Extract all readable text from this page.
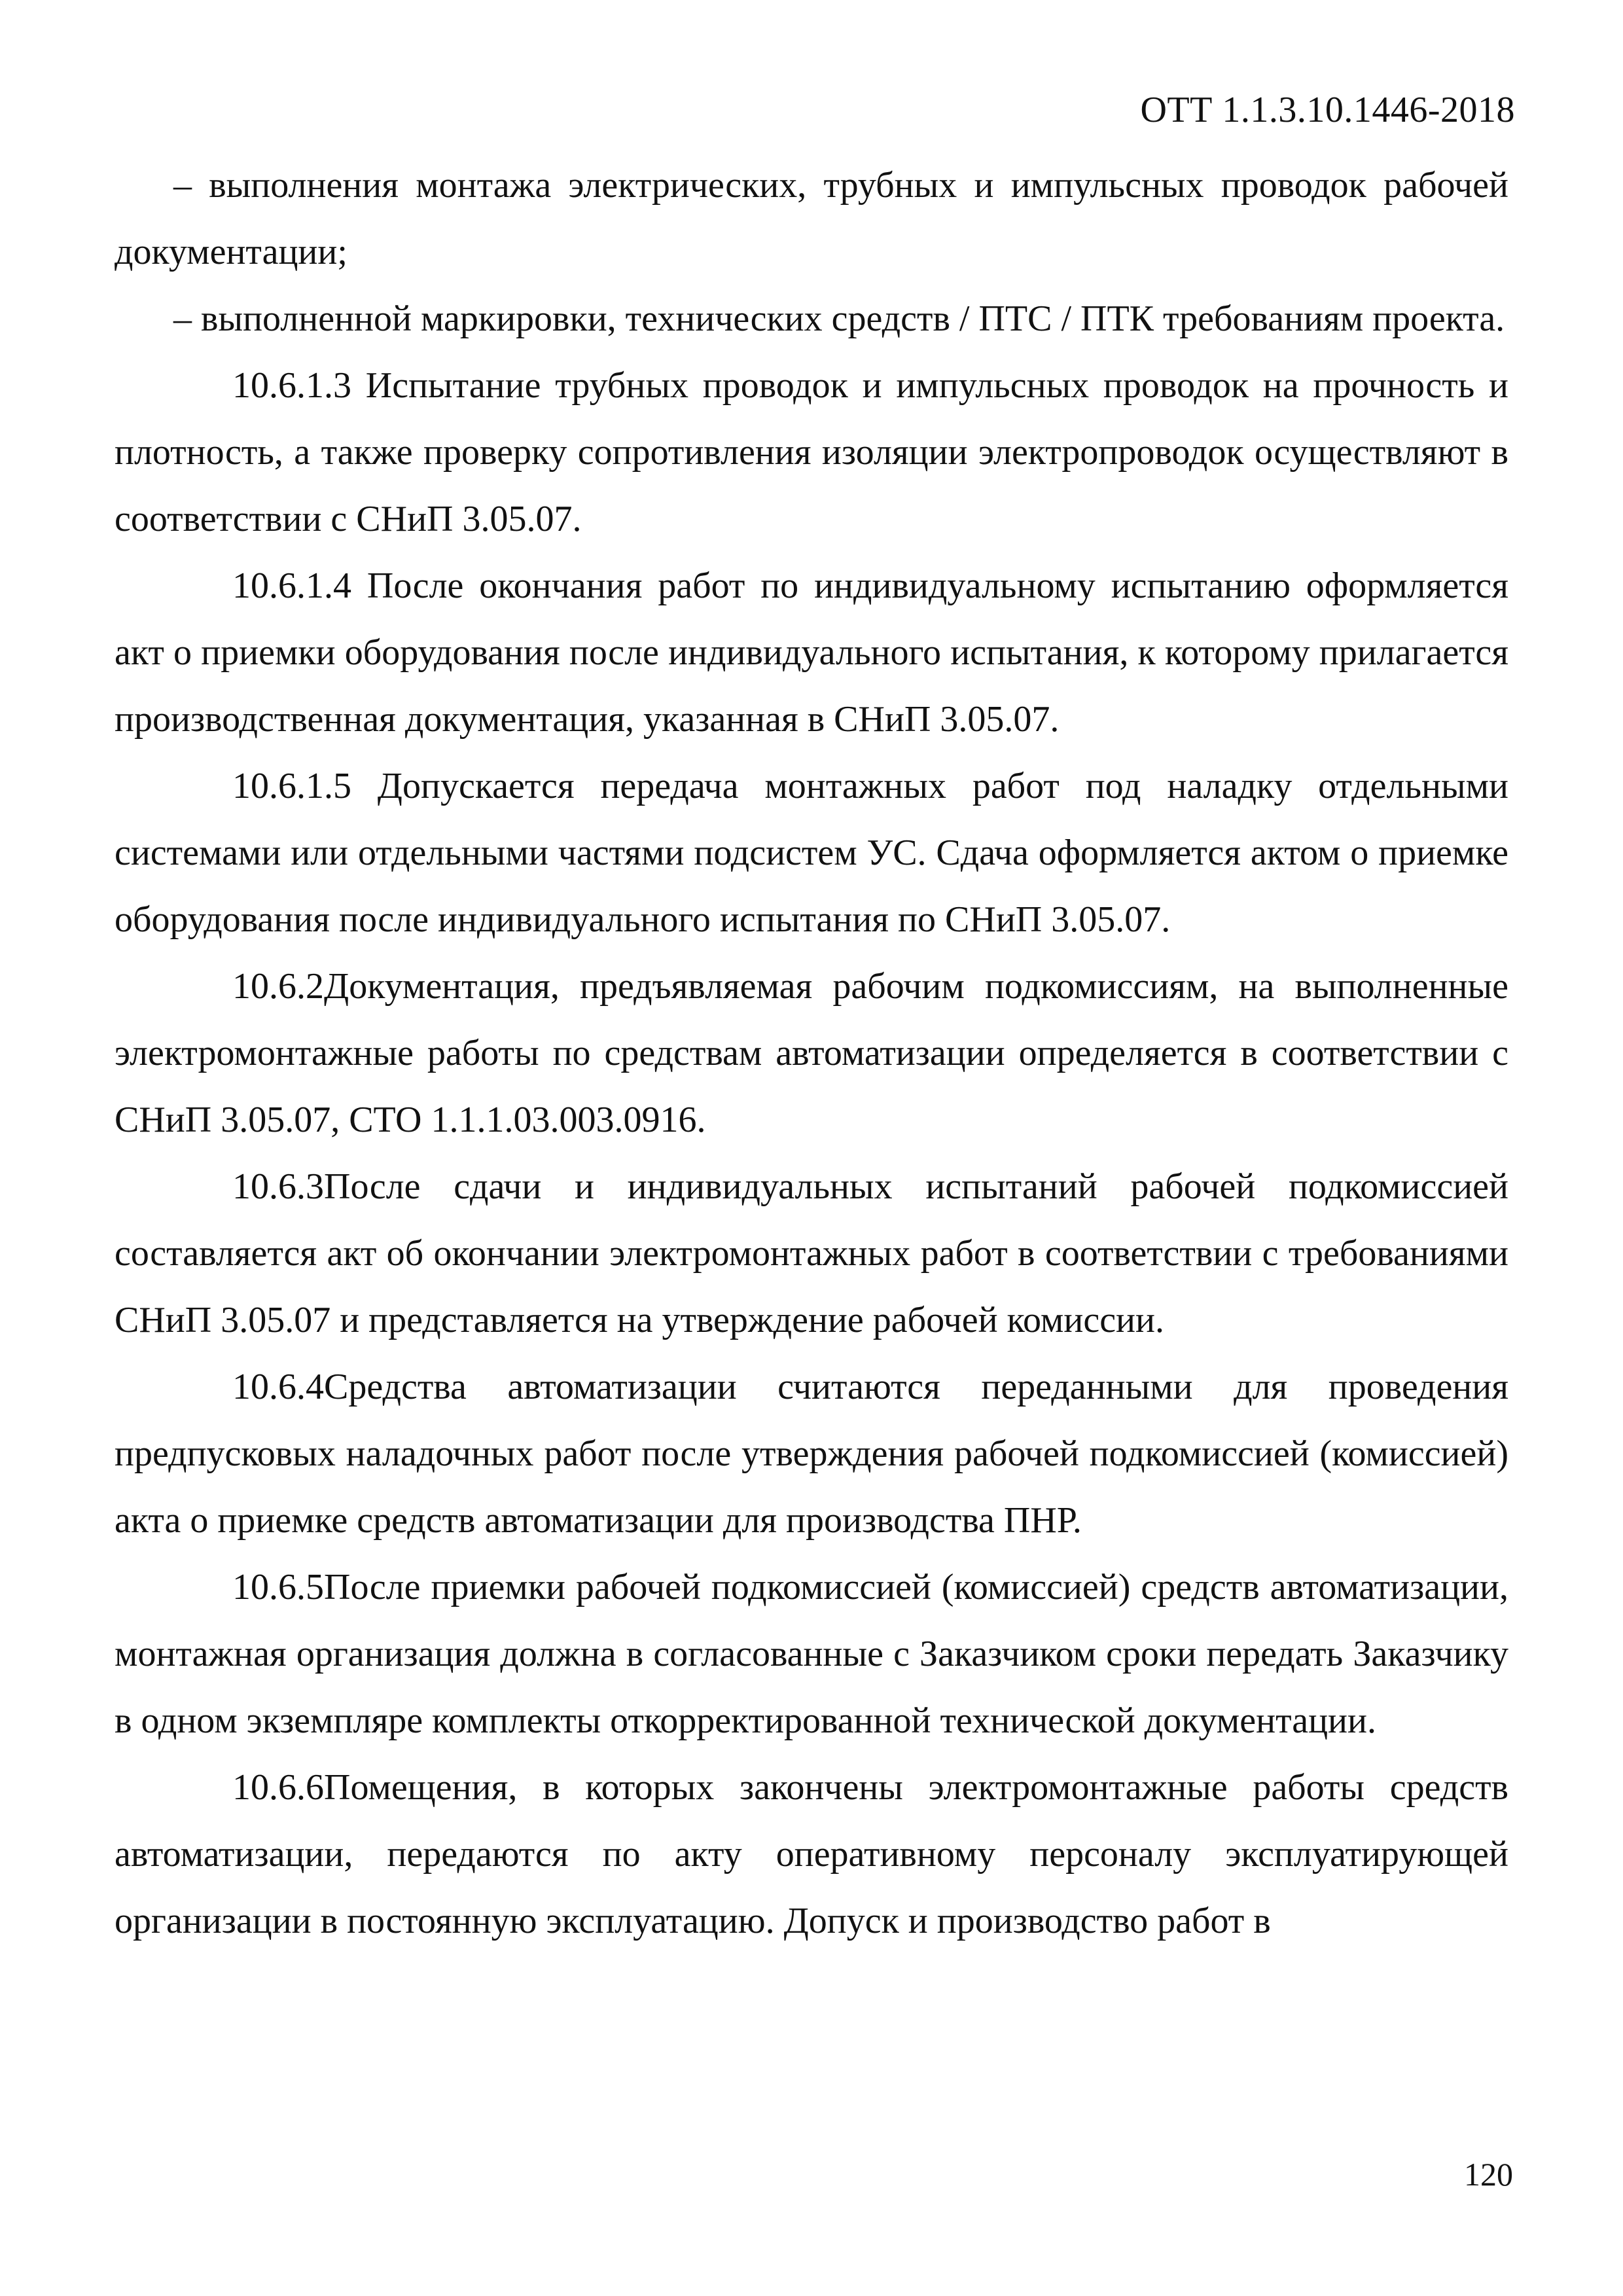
ОТТ 1.1.3.10.1446-2018

– выполнения монтажа электрических, трубных и импульсных проводок рабочей документации;

– выполненной маркировки, технических средств / ПТС / ПТК требованиям проекта.

10.6.1.3 Испытание трубных проводок и импульсных проводок на прочность и плотность, а также проверку сопротивления изоляции электропроводок осуществляют в соответствии с СНиП 3.05.07.

10.6.1.4 После окончания работ по индивидуальному испытанию оформляется акт о приемки оборудования после индивидуального испытания, к которому прилагается производственная документация, указанная в СНиП 3.05.07.

10.6.1.5 Допускается передача монтажных работ под наладку отдельными системами или отдельными частями подсистем УС. Сдача оформляется актом о приемке оборудования после индивидуального испытания по СНиП 3.05.07.

10.6.2Документация, предъявляемая рабочим подкомиссиям, на выполненные электромонтажные работы по средствам автоматизации определяется в соответствии с СНиП 3.05.07, СТО 1.1.1.03.003.0916.

10.6.3После сдачи и индивидуальных испытаний рабочей подкомиссией составляется акт об окончании электромонтажных работ в соответствии с требованиями СНиП 3.05.07 и представляется на утверждение рабочей комиссии.

10.6.4Средства автоматизации считаются переданными для проведения предпусковых наладочных работ после утверждения рабочей подкомиссией (комиссией) акта о приемке средств автоматизации для производства ПНР.

10.6.5После приемки рабочей подкомиссией (комиссией) средств автоматизации, монтажная организация должна в согласованные с Заказчиком сроки передать Заказчику в одном экземпляре комплекты откорректированной технической документации.

10.6.6Помещения, в которых закончены электромонтажные работы средств автоматизации, передаются по акту оперативному персоналу эксплуатирующей организации в постоянную эксплуатацию. Допуск и производство работ в

120
